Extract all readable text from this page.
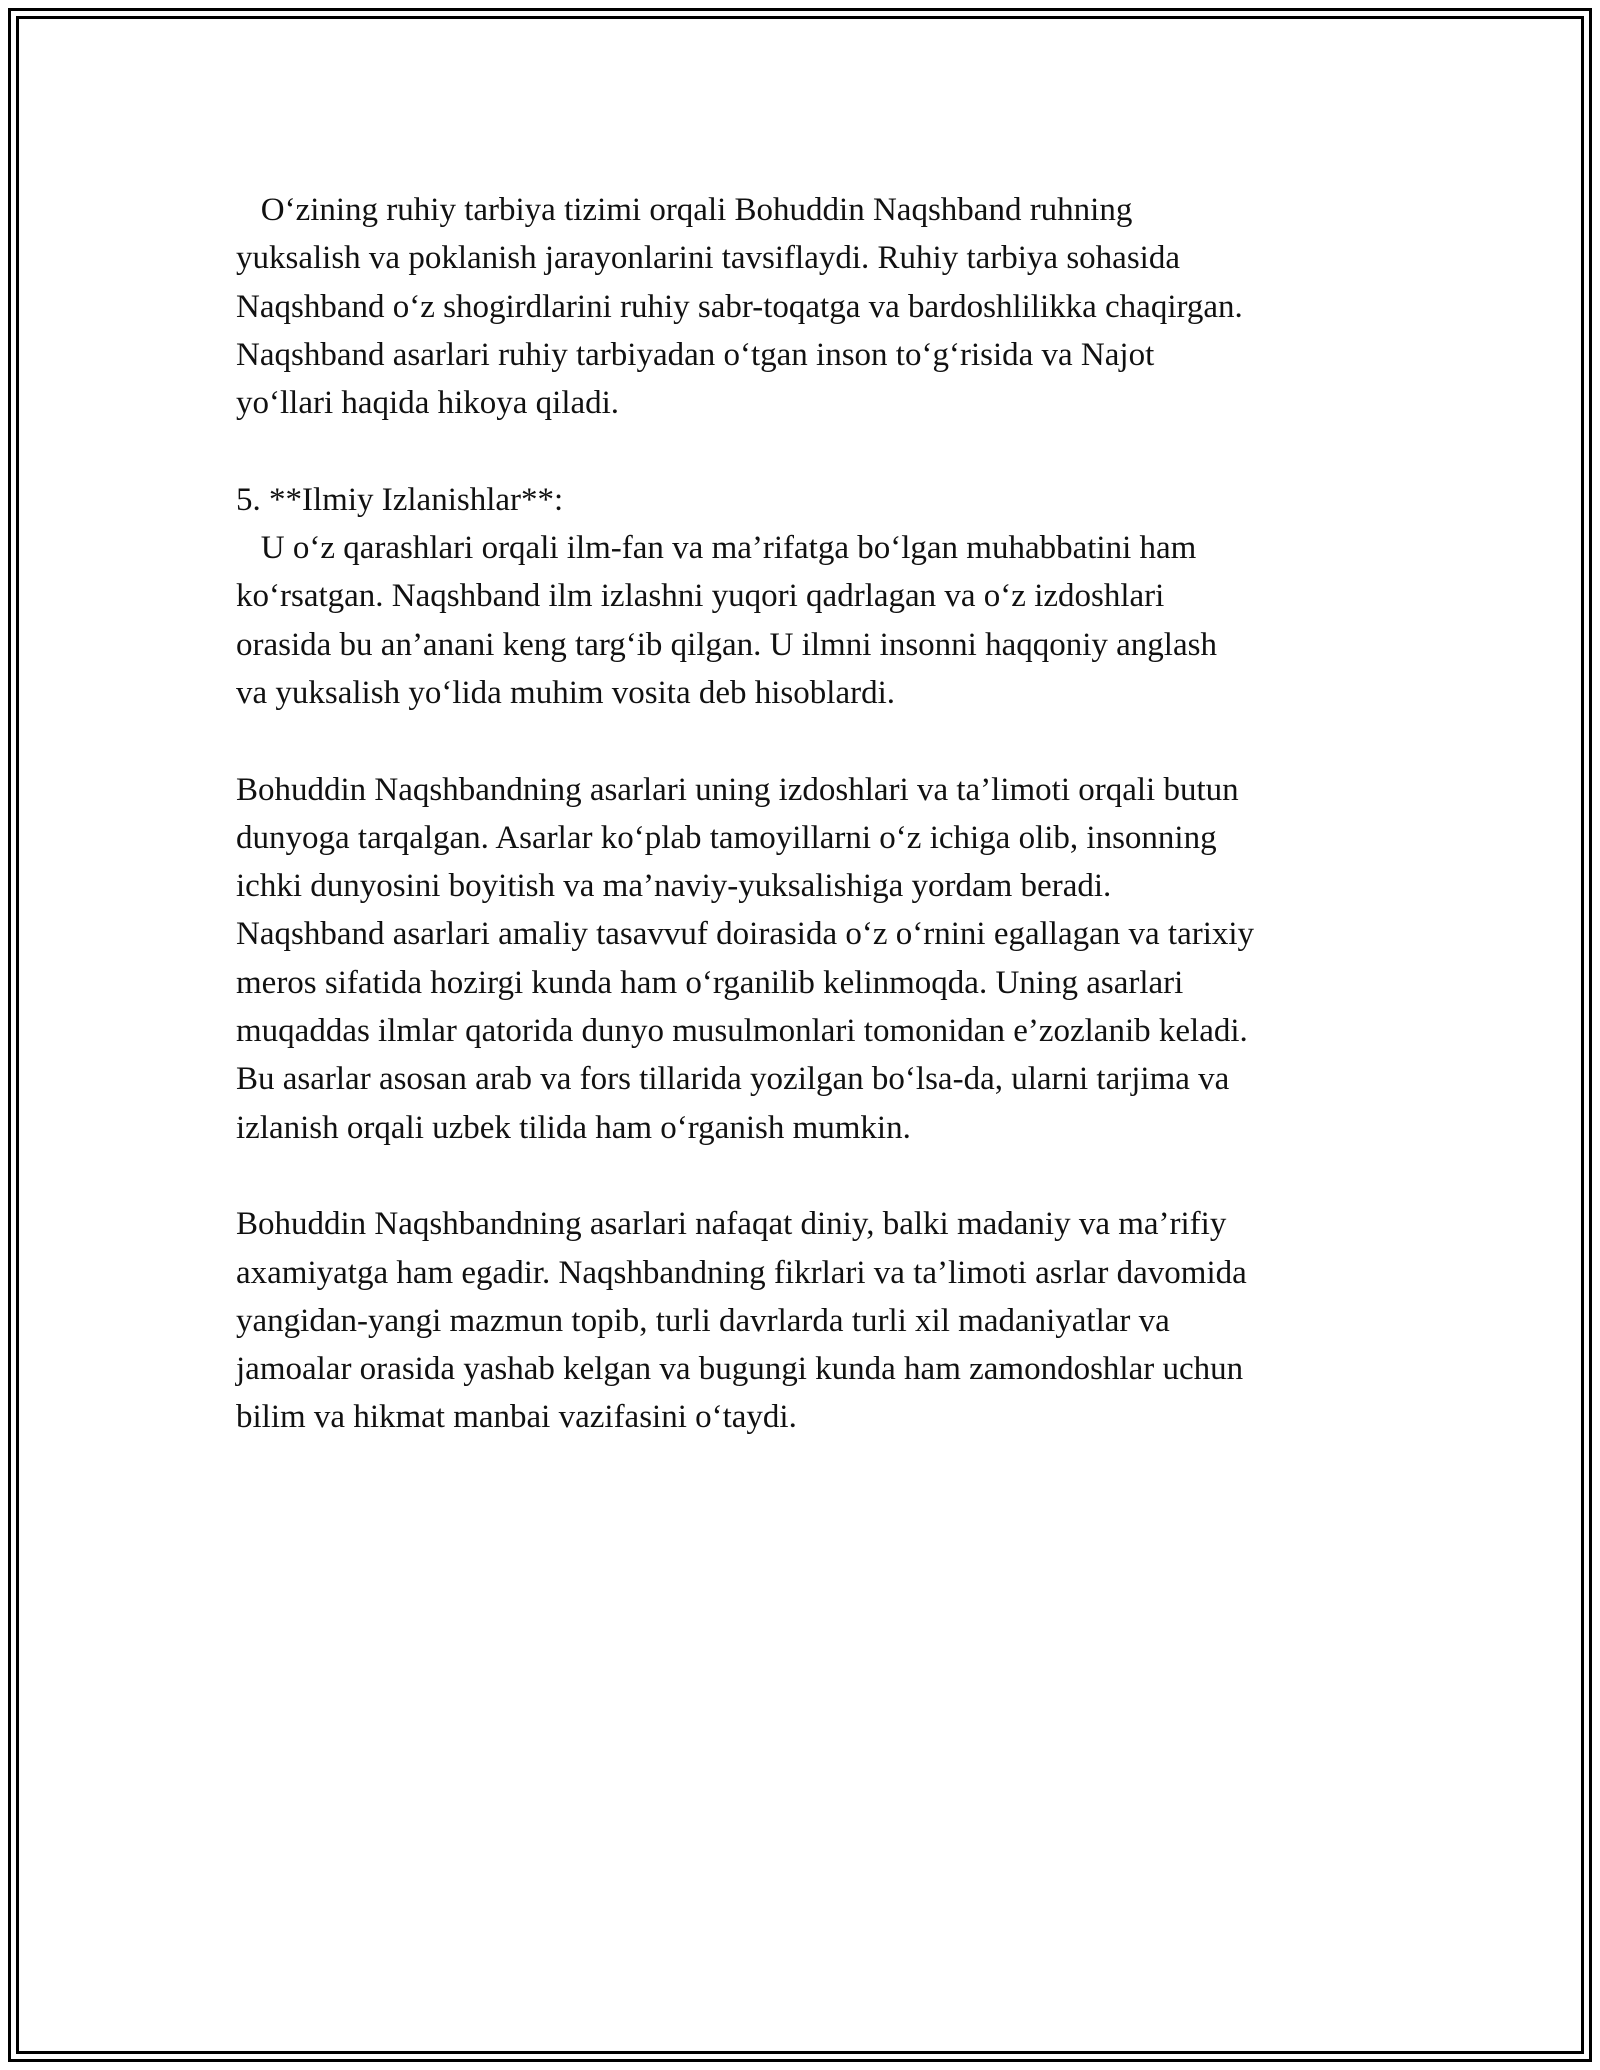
O‘zining ruhiy tarbiya tizimi orqali Bohuddin Naqshband ruhning
yuksalish va poklanish jarayonlarini tavsiflaydi. Ruhiy tarbiya sohasida
Naqshband o‘z shogirdlarini ruhiy sabr-toqatga va bardoshlilikka chaqirgan.
Naqshband asarlari ruhiy tarbiyadan o‘tgan inson to‘g‘risida va Najot
yo‘llari haqida hikoya qiladi.
5. **Ilmiy Izlanishlar**:
U o‘z qarashlari orqali ilm-fan va ma’rifatga bo‘lgan muhabbatini ham
ko‘rsatgan. Naqshband ilm izlashni yuqori qadrlagan va o‘z izdoshlari
orasida bu an’anani keng targ‘ib qilgan. U ilmni insonni haqqoniy anglash
va yuksalish yo‘lida muhim vosita deb hisoblardi.
Bohuddin Naqshbandning asarlari uning izdoshlari va ta’limoti orqali butun
dunyoga tarqalgan. Asarlar ko‘plab tamoyillarni o‘z ichiga olib, insonning
ichki dunyosini boyitish va ma’naviy-yuksalishiga yordam beradi.
Naqshband asarlari amaliy tasavvuf doirasida o‘z o‘rnini egallagan va tarixiy
meros sifatida hozirgi kunda ham o‘rganilib kelinmoqda. Uning asarlari
muqaddas ilmlar qatorida dunyo musulmonlari tomonidan e’zozlanib keladi.
Bu asarlar asosan arab va fors tillarida yozilgan bo‘lsa-da, ularni tarjima va
izlanish orqali uzbek tilida ham o‘rganish mumkin.
Bohuddin Naqshbandning asarlari nafaqat diniy, balki madaniy va ma’rifiy
axamiyatga ham egadir. Naqshbandning fikrlari va ta’limoti asrlar davomida
yangidan-yangi mazmun topib, turli davrlarda turli xil madaniyatlar va
jamoalar orasida yashab kelgan va bugungi kunda ham zamondoshlar uchun
bilim va hikmat manbai vazifasini o‘taydi.
